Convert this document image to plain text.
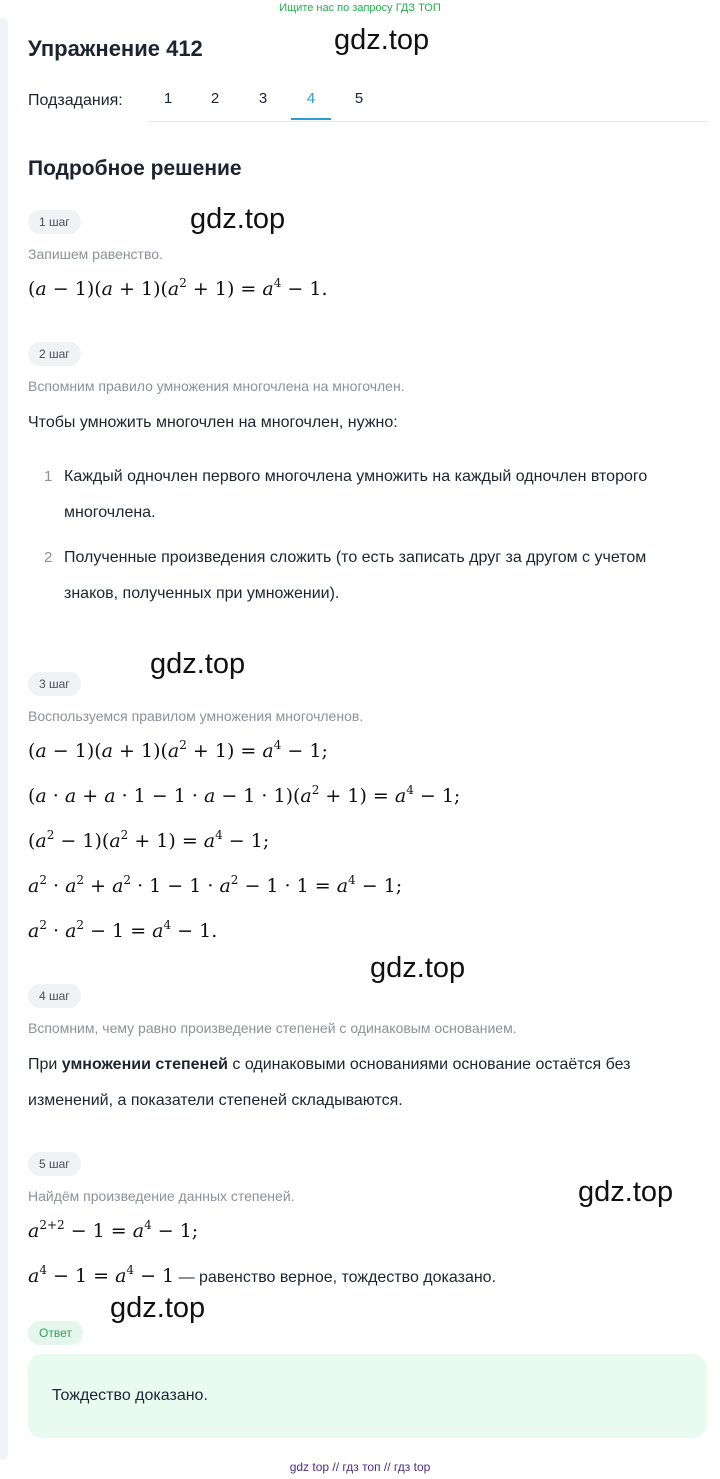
Ищите нас по запросу ГДЗ ТОП
gdz.top
gdz.top
gdz.top
gdz.top
gdz.top
gdz.top
Упражнение 412
Подзадания:	1	2	3	4	5
Подробное решение
1 шаг
Запишем равенство.
$(a - 1)(a + 1)(a^2 + 1) = a^4 - 1$.
2 шаг
Вспомним правило умножения многочлена на многочлен.
Чтобы умножить многочлен на многочлен, нужно:
1 Каждый одночлен первого многочлена умножить на каждый одночлен второго многочлена.
2 Полученные произведения сложить (то есть записать друг за другом с учетом знаков, полученных при умножении).
3 шаг
Воспользуемся правилом умножения многочленов.
$(a - 1)(a + 1)(a^2 + 1) = a^4 - 1$;
$(a \cdot a + a \cdot 1 - 1 \cdot a - 1 \cdot 1)(a^2 + 1) = a^4 - 1$;
$(a^2 - 1)(a^2 + 1) = a^4 - 1$;
$a^2 \cdot a^2 + a^2 \cdot 1 - 1 \cdot a^2 - 1 \cdot 1 = a^4 - 1$;
$a^2 \cdot a^2 - 1 = a^4 - 1$.
4 шаг
Вспомним, чему равно произведение степеней с одинаковым основанием.
При умножении степеней с одинаковыми основаниями основание остаётся без изменений, а показатели степеней складываются.
5 шаг
Найдём произведение данных степеней.
$a^{2+2} - 1 = a^4 - 1$;
$a^4 - 1 = a^4 - 1$ — равенство верное, тождество доказано.
Ответ
Тождество доказано.
gdz top // гдз топ // гдз top
